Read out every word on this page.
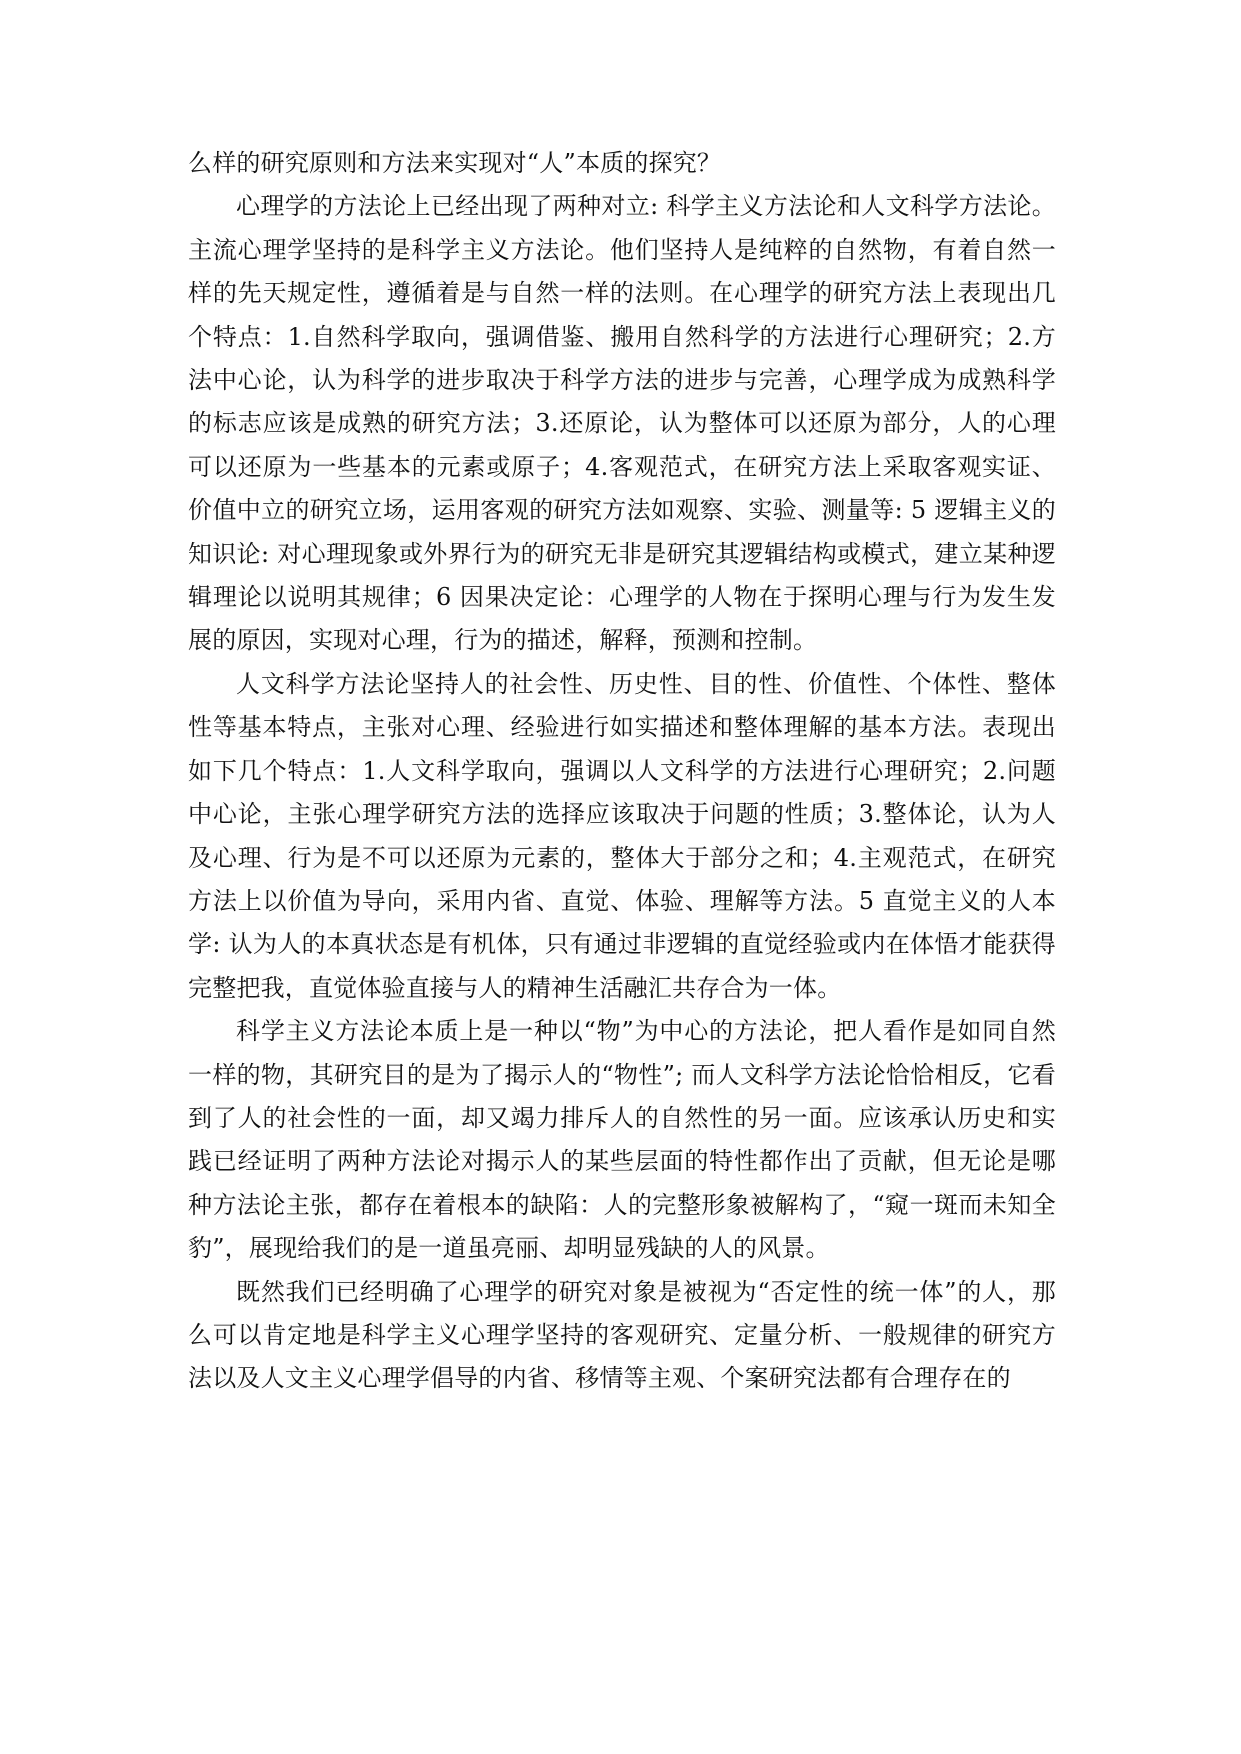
么样的研究原则和方法来实现对“人”本质的探究？

心理学的方法论上已经出现了两种对立: 科学主义方法论和人文科学方法论。主流心理学坚持的是科学主义方法论。他们坚持人是纯粹的自然物，有着自然一样的先天规定性，遵循着是与自然一样的法则。在心理学的研究方法上表现出几个特点：1.自然科学取向，强调借鉴、搬用自然科学的方法进行心理研究；2.方法中心论，认为科学的进步取决于科学方法的进步与完善，心理学成为成熟科学的标志应该是成熟的研究方法；3.还原论，认为整体可以还原为部分，人的心理可以还原为一些基本的元素或原子；4.客观范式，在研究方法上采取客观实证、价值中立的研究立场，运用客观的研究方法如观察、实验、测量等: 5 逻辑主义的知识论: 对心理现象或外界行为的研究无非是研究其逻辑结构或模式，建立某种逻辑理论以说明其规律；6 因果决定论：心理学的人物在于探明心理与行为发生发展的原因，实现对心理，行为的描述，解释，预测和控制。

人文科学方法论坚持人的社会性、历史性、目的性、价值性、个体性、整体性等基本特点，主张对心理、经验进行如实描述和整体理解的基本方法。表现出如下几个特点：1.人文科学取向，强调以人文科学的方法进行心理研究；2.问题中心论，主张心理学研究方法的选择应该取决于问题的性质；3.整体论，认为人及心理、行为是不可以还原为元素的，整体大于部分之和；4.主观范式，在研究方法上以价值为导向，采用内省、直觉、体验、理解等方法。5 直觉主义的人本学: 认为人的本真状态是有机体，只有通过非逻辑的直觉经验或内在体悟才能获得完整把我，直觉体验直接与人的精神生活融汇共存合为一体。

科学主义方法论本质上是一种以“物”为中心的方法论，把人看作是如同自然一样的物，其研究目的是为了揭示人的“物性”; 而人文科学方法论恰恰相反，它看到了人的社会性的一面，却又竭力排斥人的自然性的另一面。应该承认历史和实践已经证明了两种方法论对揭示人的某些层面的特性都作出了贡献，但无论是哪种方法论主张，都存在着根本的缺陷：人的完整形象被解构了，“窥一斑而未知全豹”，展现给我们的是一道虽亮丽、却明显残缺的人的风景。

既然我们已经明确了心理学的研究对象是被视为“否定性的统一体”的人，那么可以肯定地是科学主义心理学坚持的客观研究、定量分析、一般规律的研究方法以及人文主义心理学倡导的内省、移情等主观、个案研究法都有合理存在的
